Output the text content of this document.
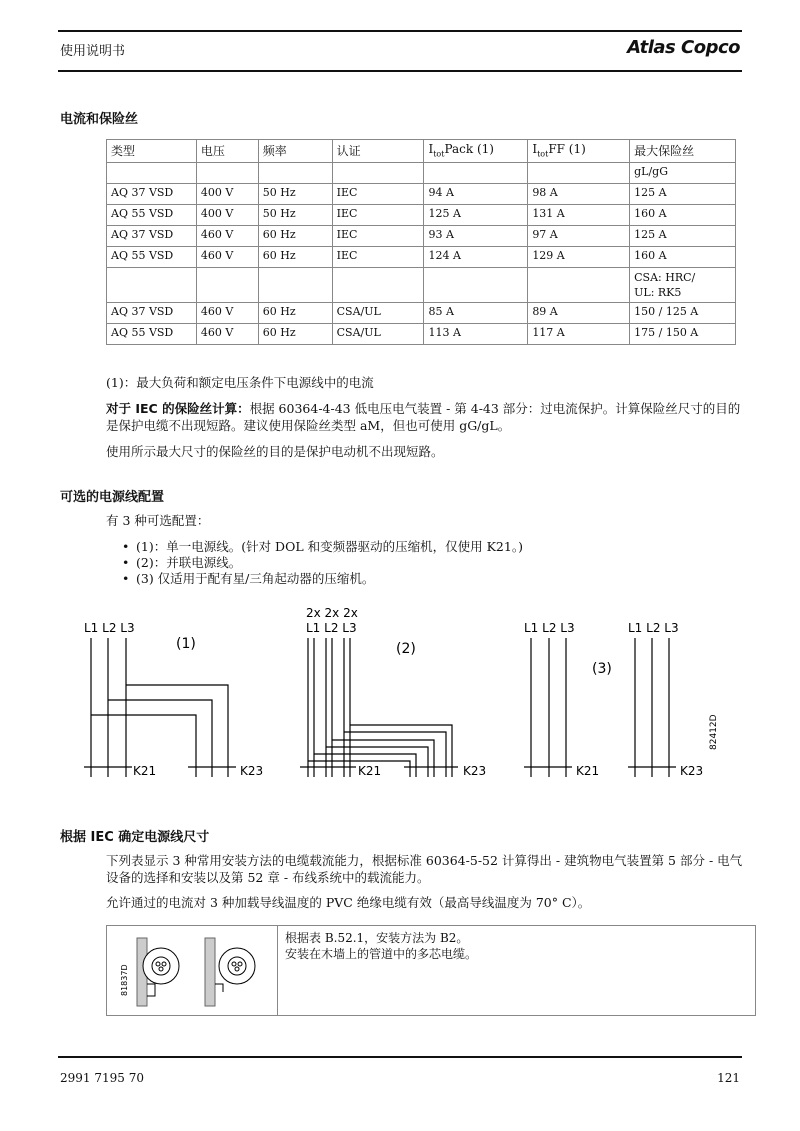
使用说明书	Atlas Copco
电流和保险丝
类型	电压	频率	认证	$I_{tot}Pack$ (1)	$I_{tot}FF$ (1)	最大保险丝
						gL/gG
AQ 37 VSD	400 V	50 Hz	IEC	94 A	98 A	125 A
AQ 55 VSD	400 V	50 Hz	IEC	125 A	131 A	160 A
AQ 37 VSD	460 V	60 Hz	IEC	93 A	97 A	125 A
AQ 55 VSD	460 V	60 Hz	IEC	124 A	129 A	160 A
						CSA: HRC/
UL: RK5
AQ 37 VSD	460 V	60 Hz	CSA/UL	85 A	89 A	150 / 125 A
AQ 55 VSD	460 V	60 Hz	CSA/UL	113 A	117 A	175 / 150 A
(1)：最大负荷和额定电压条件下电源线中的电流
对于 IEC 的保险丝计算：根据 60364-4-43 低电压电气装置 - 第 4-43 部分：过电流保护。计算保险丝尺寸的目的是保护电缆不出现短路。建议使用保险丝类型 aM，但也可使用 gG/gL。
使用所示最大尺寸的保险丝的目的是保护电动机不出现短路。
可选的电源线配置
有 3 种可选配置：
• (1)：单一电源线。(针对 DOL 和变频器驱动的压缩机，仅使用 K21。)
• (2)：并联电源线。
• (3) 仅适用于配有星/三角起动器的压缩机。
L1 L2 L3
(1)
K21	K23
2x 2x 2x
L1 L2 L3
(2)
K21	K23
L1 L2 L3
(3)
K21
L1 L2 L3
K23
82412D
根据 IEC 确定电源线尺寸
下列表显示 3 种常用安装方法的电缆载流能力，根据标准 60364-5-52 计算得出 - 建筑物电气装置第 5 部分 - 电气设备的选择和安装以及第 52 章 - 布线系统中的载流能力。
允许通过的电流对 3 种加载导线温度的 PVC 绝缘电缆有效（最高导线温度为 70° C）。
81837D
根据表 B.52.1，安装方法为 B2。
安装在木墙上的管道中的多芯电缆。
2991 7195 70	121
